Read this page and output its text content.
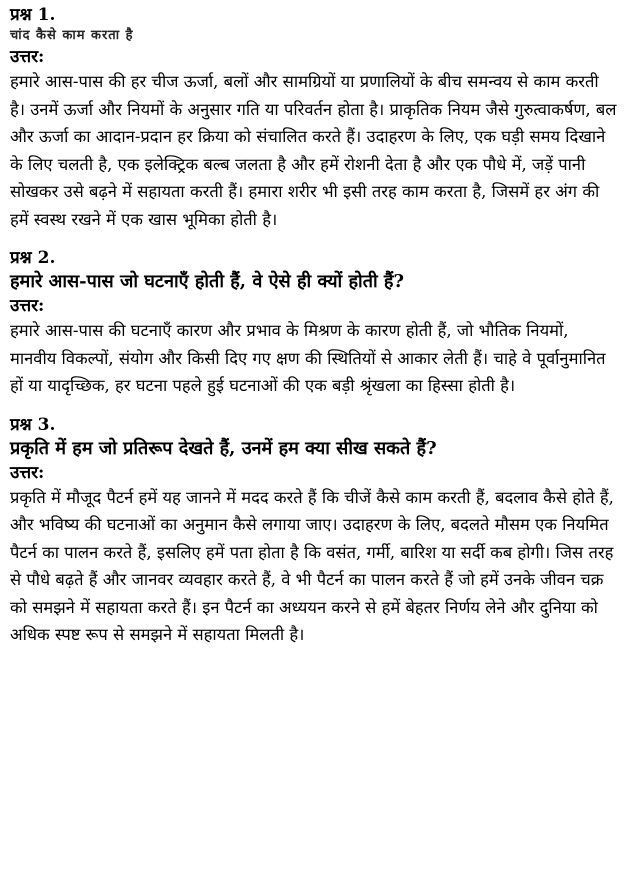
प्रश्न 1.

चांद कैसे काम करता है

उत्तर:

हमारे आस-पास की हर चीज ऊर्जा, बलों और सामग्रियों या प्रणालियों के बीच समन्वय से काम करती है। उनमें ऊर्जा और नियमों के अनुसार गति या परिवर्तन होता है। प्राकृतिक नियम जैसे गुरुत्वाकर्षण, बल और ऊर्जा का आदान-प्रदान हर क्रिया को संचालित करते हैं। उदाहरण के लिए, एक घड़ी समय दिखाने के लिए चलती है, एक इलेक्ट्रिक बल्ब जलता है और हमें रोशनी देता है और एक पौधे में, जड़ें पानी सोखकर उसे बढ़ने में सहायता करती हैं। हमारा शरीर भी इसी तरह काम करता है, जिसमें हर अंग की हमें स्वस्थ रखने में एक खास भूमिका होती है।

प्रश्न 2.

हमारे आस-पास जो घटनाएँ होती हैं, वे ऐसे ही क्यों होती हैं?

उत्तर:

हमारे आस-पास की घटनाएँ कारण और प्रभाव के मिश्रण के कारण होती हैं, जो भौतिक नियमों, मानवीय विकल्पों, संयोग और किसी दिए गए क्षण की स्थितियों से आकार लेती हैं। चाहे वे पूर्वानुमानित हों या यादृच्छिक, हर घटना पहले हुई घटनाओं की एक बड़ी श्रृंखला का हिस्सा होती है।

प्रश्न 3.

प्रकृति में हम जो प्रतिरूप देखते हैं, उनमें हम क्या सीख सकते हैं?

उत्तर:

प्रकृति में मौजूद पैटर्न हमें यह जानने में मदद करते हैं कि चीजें कैसे काम करती हैं, बदलाव कैसे होते हैं, और भविष्य की घटनाओं का अनुमान कैसे लगाया जाए। उदाहरण के लिए, बदलते मौसम एक नियमित पैटर्न का पालन करते हैं, इसलिए हमें पता होता है कि वसंत, गर्मी, बारिश या सर्दी कब होगी। जिस तरह से पौधे बढ़ते हैं और जानवर व्यवहार करते हैं, वे भी पैटर्न का पालन करते हैं जो हमें उनके जीवन चक्र को समझने में सहायता करते हैं। इन पैटर्न का अध्ययन करने से हमें बेहतर निर्णय लेने और दुनिया को अधिक स्पष्ट रूप से समझने में सहायता मिलती है।
